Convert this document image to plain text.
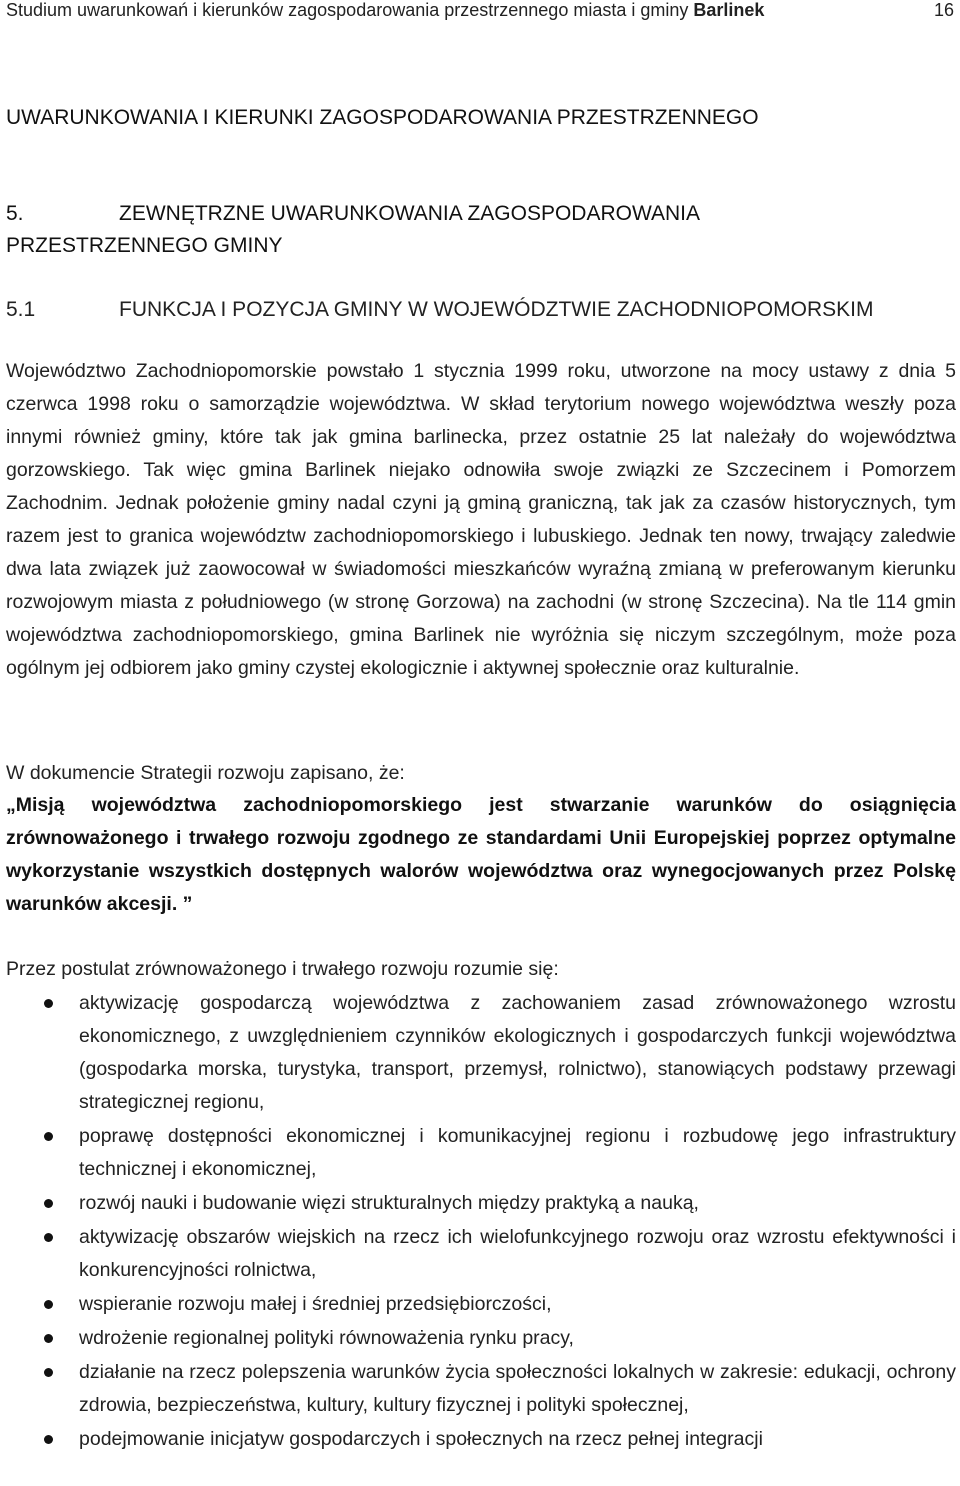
Studium uwarunkowań i kierunków zagospodarowania przestrzennego miasta i gminy Barlinek	16
UWARUNKOWANIA I KIERUNKI ZAGOSPODAROWANIA PRZESTRZENNEGO
5.	ZEWNĘTRZNE UWARUNKOWANIA ZAGOSPODAROWANIA
PRZESTRZENNEGO GMINY
5.1	FUNKCJA I POZYCJA GMINY W WOJEWÓDZTWIE ZACHODNIOPOMORSKIM
Województwo Zachodniopomorskie powstało 1 stycznia 1999 roku, utworzone na mocy ustawy z dnia 5 czerwca 1998 roku o samorządzie województwa. W skład terytorium nowego województwa weszły poza innymi również gminy, które tak jak gmina barlinecka, przez ostatnie 25 lat należały do województwa gorzowskiego. Tak więc gmina Barlinek niejako odnowiła swoje związki ze Szczecinem i Pomorzem Zachodnim. Jednak położenie gminy nadal czyni ją gminą graniczną, tak jak za czasów historycznych, tym razem jest to granica województw zachodniopomorskiego i lubuskiego. Jednak ten nowy, trwający zaledwie dwa lata związek już zaowocował w świadomości mieszkańców wyraźną zmianą w preferowanym kierunku rozwojowym miasta z południowego (w stronę Gorzowa) na zachodni (w stronę Szczecina). Na tle 114 gmin województwa zachodniopomorskiego, gmina Barlinek nie wyróżnia się niczym szczególnym, może poza ogólnym jej odbiorem jako gminy czystej ekologicznie i aktywnej społecznie oraz kulturalnie.
W dokumencie Strategii rozwoju zapisano, że:
„Misją województwa zachodniopomorskiego jest stwarzanie warunków do osiągnięcia zrównoważonego i trwałego rozwoju zgodnego ze standardami Unii Europejskiej poprzez optymalne wykorzystanie wszystkich dostępnych walorów województwa oraz wynegocjowanych przez Polskę warunków akcesji. ”
Przez postulat zrównoważonego i trwałego rozwoju rozumie się:
aktywizację gospodarczą województwa z zachowaniem zasad zrównoważonego wzrostu ekonomicznego, z uwzględnieniem czynników ekologicznych i gospodarczych funkcji województwa (gospodarka morska, turystyka, transport, przemysł, rolnictwo), stanowiących podstawy przewagi strategicznej regionu,
poprawę dostępności ekonomicznej i komunikacyjnej regionu i rozbudowę jego infrastruktury technicznej i ekonomicznej,
rozwój nauki i budowanie więzi strukturalnych między praktyką a nauką,
aktywizację obszarów wiejskich na rzecz ich wielofunkcyjnego rozwoju oraz wzrostu efektywności i konkurencyjności rolnictwa,
wspieranie rozwoju małej i średniej przedsiębiorczości,
wdrożenie regionalnej polityki równoważenia rynku pracy,
działanie na rzecz polepszenia warunków życia społeczności lokalnych w zakresie: edukacji, ochrony zdrowia, bezpieczeństwa, kultury, kultury fizycznej i polityki społecznej,
podejmowanie inicjatyw gospodarczych i społecznych na rzecz pełnej integracji
